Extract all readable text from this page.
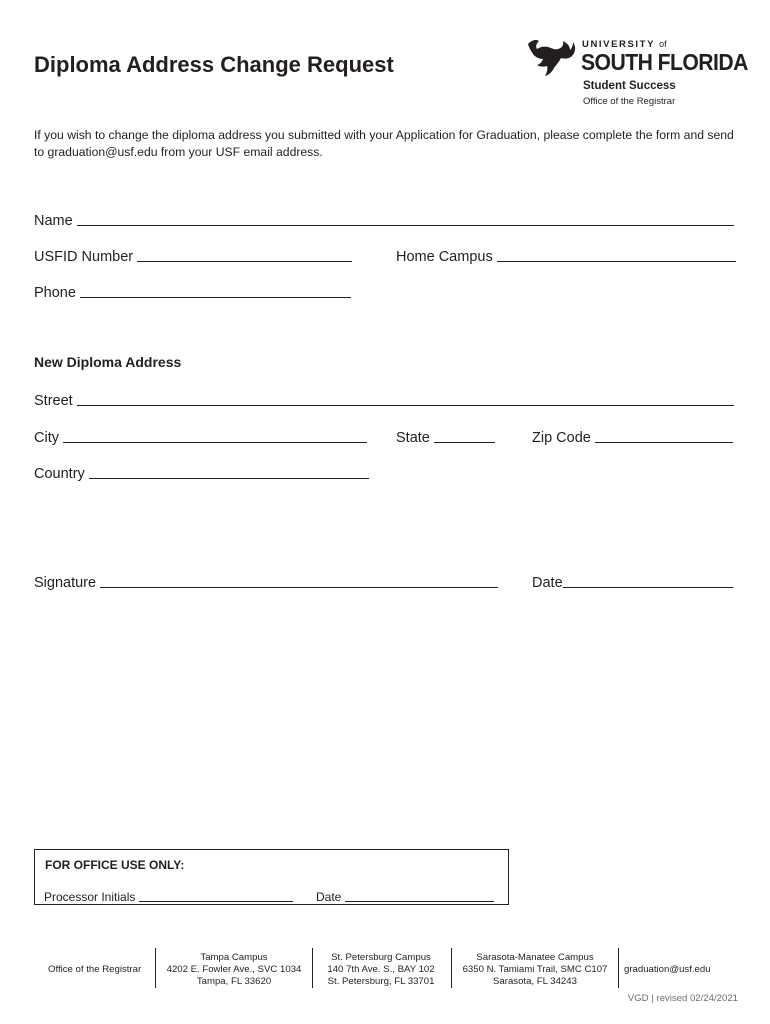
Diploma Address Change Request
UNIVERSITY of
SOUTH FLORIDA
Student Success
Office of the Registrar
If you wish to change the diploma address you submitted with your Application for Graduation, please complete the form and send to graduation@usf.edu from your USF email address.
Name
USFID Number	Home Campus
Phone
New Diploma Address
Street
City	State	Zip Code
Country
Signature	Date
FOR OFFICE USE ONLY:
Processor Initials	Date
Office of the Registrar
Tampa Campus
4202 E. Fowler Ave., SVC 1034
Tampa, FL 33620
St. Petersburg Campus
140 7th Ave. S., BAY 102
St. Petersburg, FL 33701
Sarasota-Manatee Campus
6350 N. Tamiami Trail, SMC C107
Sarasota, FL 34243
graduation@usf.edu
VGD | revised 02/24/2021
